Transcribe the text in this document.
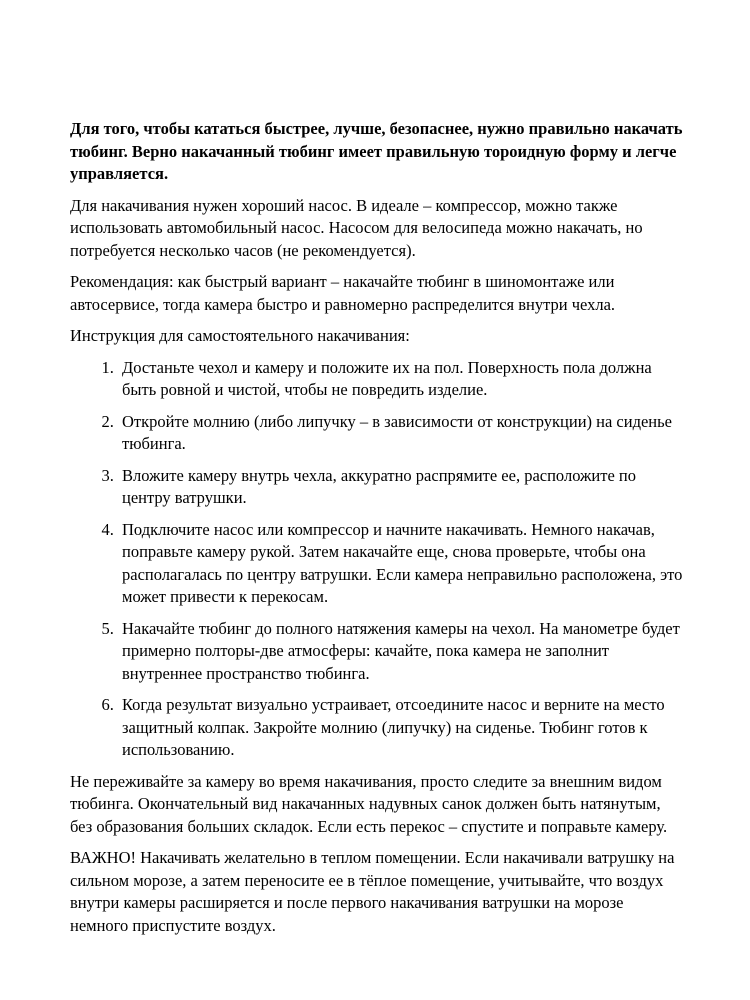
Для того, чтобы кататься быстрее, лучше, безопаснее, нужно правильно накачать тюбинг. Верно накачанный тюбинг имеет правильную тороидную форму и легче управляется.

Для накачивания нужен хороший насос. В идеале – компрессор, можно также использовать автомобильный насос. Насосом для велосипеда можно накачать, но потребуется несколько часов (не рекомендуется).

Рекомендация: как быстрый вариант – накачайте тюбинг в шиномонтаже или автосервисе, тогда камера быстро и равномерно распределится внутри чехла.

Инструкция для самостоятельного накачивания:

1. Достаньте чехол и камеру и положите их на пол. Поверхность пола должна быть ровной и чистой, чтобы не повредить изделие.
2. Откройте молнию (либо липучку – в зависимости от конструкции) на сиденье тюбинга.
3. Вложите камеру внутрь чехла, аккуратно распрямите ее, расположите по центру ватрушки.
4. Подключите насос или компрессор и начните накачивать. Немного накачав, поправьте камеру рукой. Затем накачайте еще, снова проверьте, чтобы она располагалась по центру ватрушки. Если камера неправильно расположена, это может привести к перекосам.
5. Накачайте тюбинг до полного натяжения камеры на чехол. На манометре будет примерно полторы-две атмосферы: качайте, пока камера не заполнит внутреннее пространство тюбинга.
6. Когда результат визуально устраивает, отсоедините насос и верните на место защитный колпак. Закройте молнию (липучку) на сиденье. Тюбинг готов к использованию.

Не переживайте за камеру во время накачивания, просто следите за внешним видом тюбинга. Окончательный вид накачанных надувных санок должен быть натянутым, без образования больших складок. Если есть перекос – спустите и поправьте камеру.

ВАЖНО! Накачивать желательно в теплом помещении. Если накачивали ватрушку на сильном морозе, а затем переносите ее в тёплое помещение, учитывайте, что воздух внутри камеры расширяется и после первого накачивания ватрушки на морозе немного приспустите воздух.
